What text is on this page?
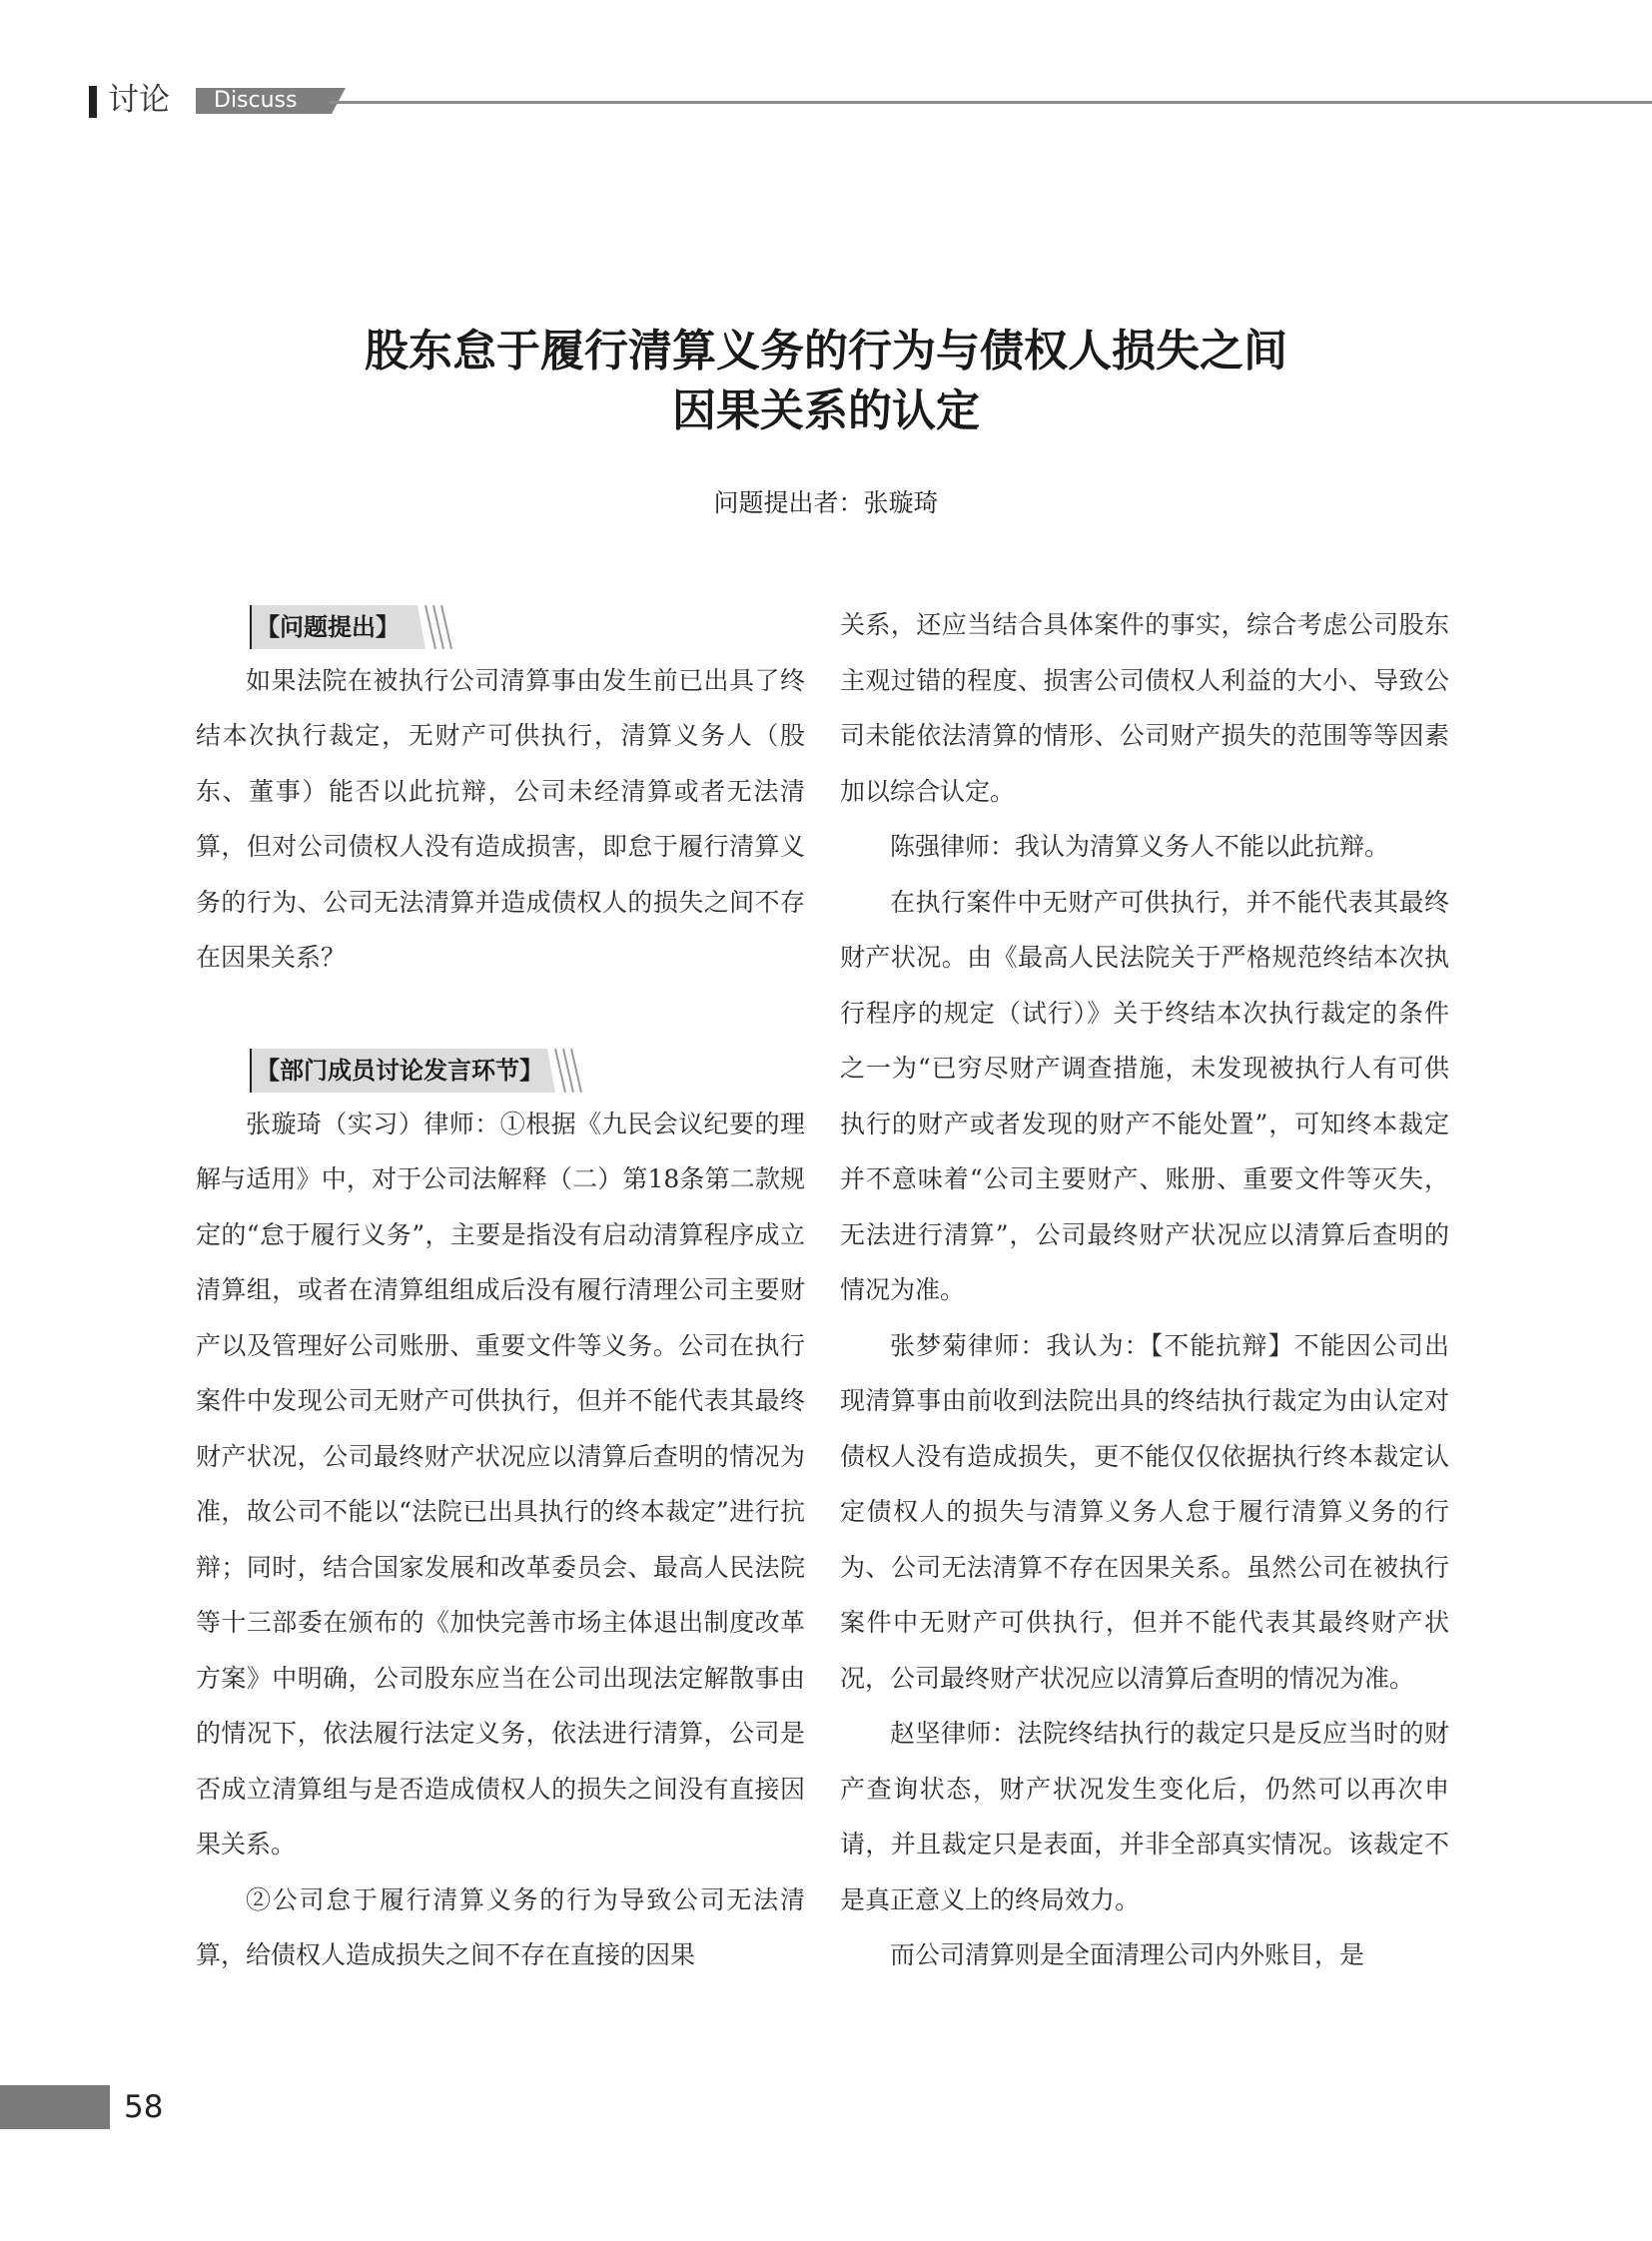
讨论 Discuss
股东怠于履行清算义务的行为与债权人损失之间
因果关系的认定
问题提出者：张璇琦
【问题提出】

如果法院在被执行公司清算事由发生前已出具了终结本次执行裁定，无财产可供执行，清算义务人（股东、董事）能否以此抗辩，公司未经清算或者无法清算，但对公司债权人没有造成损害，即怠于履行清算义务的行为、公司无法清算并造成债权人的损失之间不存在因果关系？

【部门成员讨论发言环节】

张璇琦（实习）律师：①根据《九民会议纪要的理解与适用》中，对于公司法解释（二）第18条第二款规定的“怠于履行义务”，主要是指没有启动清算程序成立清算组，或者在清算组组成后没有履行清理公司主要财产以及管理好公司账册、重要文件等义务。公司在执行案件中发现公司无财产可供执行，但并不能代表其最终财产状况，公司最终财产状况应以清算后查明的情况为准，故公司不能以“法院已出具执行的终本裁定”进行抗辩；同时，结合国家发展和改革委员会、最高人民法院等十三部委在颁布的《加快完善市场主体退出制度改革方案》中明确，公司股东应当在公司出现法定解散事由的情况下，依法履行法定义务，依法进行清算，公司是否成立清算组与是否造成债权人的损失之间没有直接因果关系。

②公司怠于履行清算义务的行为导致公司无法清算，给债权人造成损失之间不存在直接的因果

关系，还应当结合具体案件的事实，综合考虑公司股东主观过错的程度、损害公司债权人利益的大小、导致公司未能依法清算的情形、公司财产损失的范围等等因素加以综合认定。

陈强律师：我认为清算义务人不能以此抗辩。

在执行案件中无财产可供执行，并不能代表其最终财产状况。由《最高人民法院关于严格规范终结本次执行程序的规定（试行）》关于终结本次执行裁定的条件之一为“已穷尽财产调查措施，未发现被执行人有可供执行的财产或者发现的财产不能处置”，可知终本裁定并不意味着“公司主要财产、账册、重要文件等灭失，无法进行清算”，公司最终财产状况应以清算后查明的情况为准。

张梦菊律师：我认为：【不能抗辩】不能因公司出现清算事由前收到法院出具的终结执行裁定为由认定对债权人没有造成损失，更不能仅仅依据执行终本裁定认定债权人的损失与清算义务人怠于履行清算义务的行为、公司无法清算不存在因果关系。虽然公司在被执行案件中无财产可供执行，但并不能代表其最终财产状况，公司最终财产状况应以清算后查明的情况为准。

赵坚律师：法院终结执行的裁定只是反应当时的财产查询状态，财产状况发生变化后，仍然可以再次申请，并且裁定只是表面，并非全部真实情况。该裁定不是真正意义上的终局效力。

而公司清算则是全面清理公司内外账目，是

58
